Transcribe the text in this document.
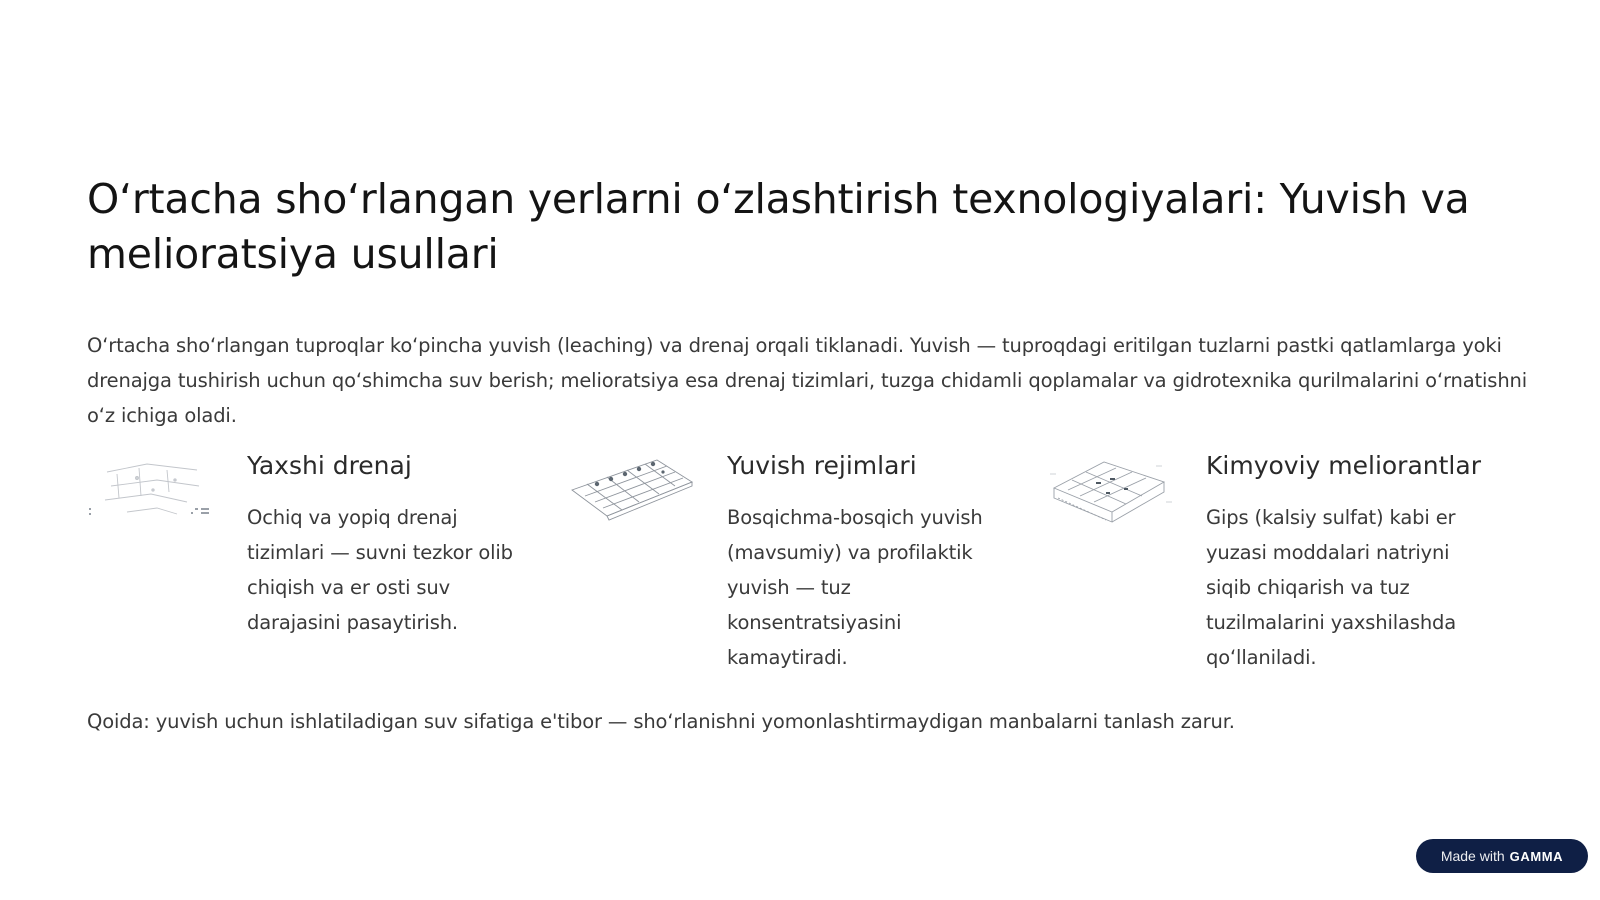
O‘rtacha sho‘rlangan yerlarni o‘zlashtirish texnologiyalari: Yuvish va melioratsiya usullari

O‘rtacha sho‘rlangan tuproqlar ko‘pincha yuvish (leaching) va drenaj orqali tiklanadi. Yuvish — tuproqdagi eritilgan tuzlarni pastki qatlamlarga yoki drenajga tushirish uchun qo‘shimcha suv berish; melioratsiya esa drenaj tizimlari, tuzga chidamli qoplamalar va gidrotexnika qurilmalarini o‘rnatishni o‘z ichiga oladi.

Yaxshi drenaj

Ochiq va yopiq drenaj tizimlari — suvni tezkor olib chiqish va er osti suv darajasini pasaytirish.

Yuvish rejimlari

Bosqichma-bosqich yuvish (mavsumiy) va profilaktik yuvish — tuz konsentratsiyasini kamaytiradi.

Kimyoviy meliorantlar

Gips (kalsiy sulfat) kabi er yuzasi moddalari natriyni siqib chiqarish va tuz tuzilmalarini yaxshilashda qo‘llaniladi.

Qoida: yuvish uchun ishlatiladigan suv sifatiga e'tibor — sho‘rlanishni yomonlashtirmaydigan manbalarni tanlash zarur.

Made with GAMMA
